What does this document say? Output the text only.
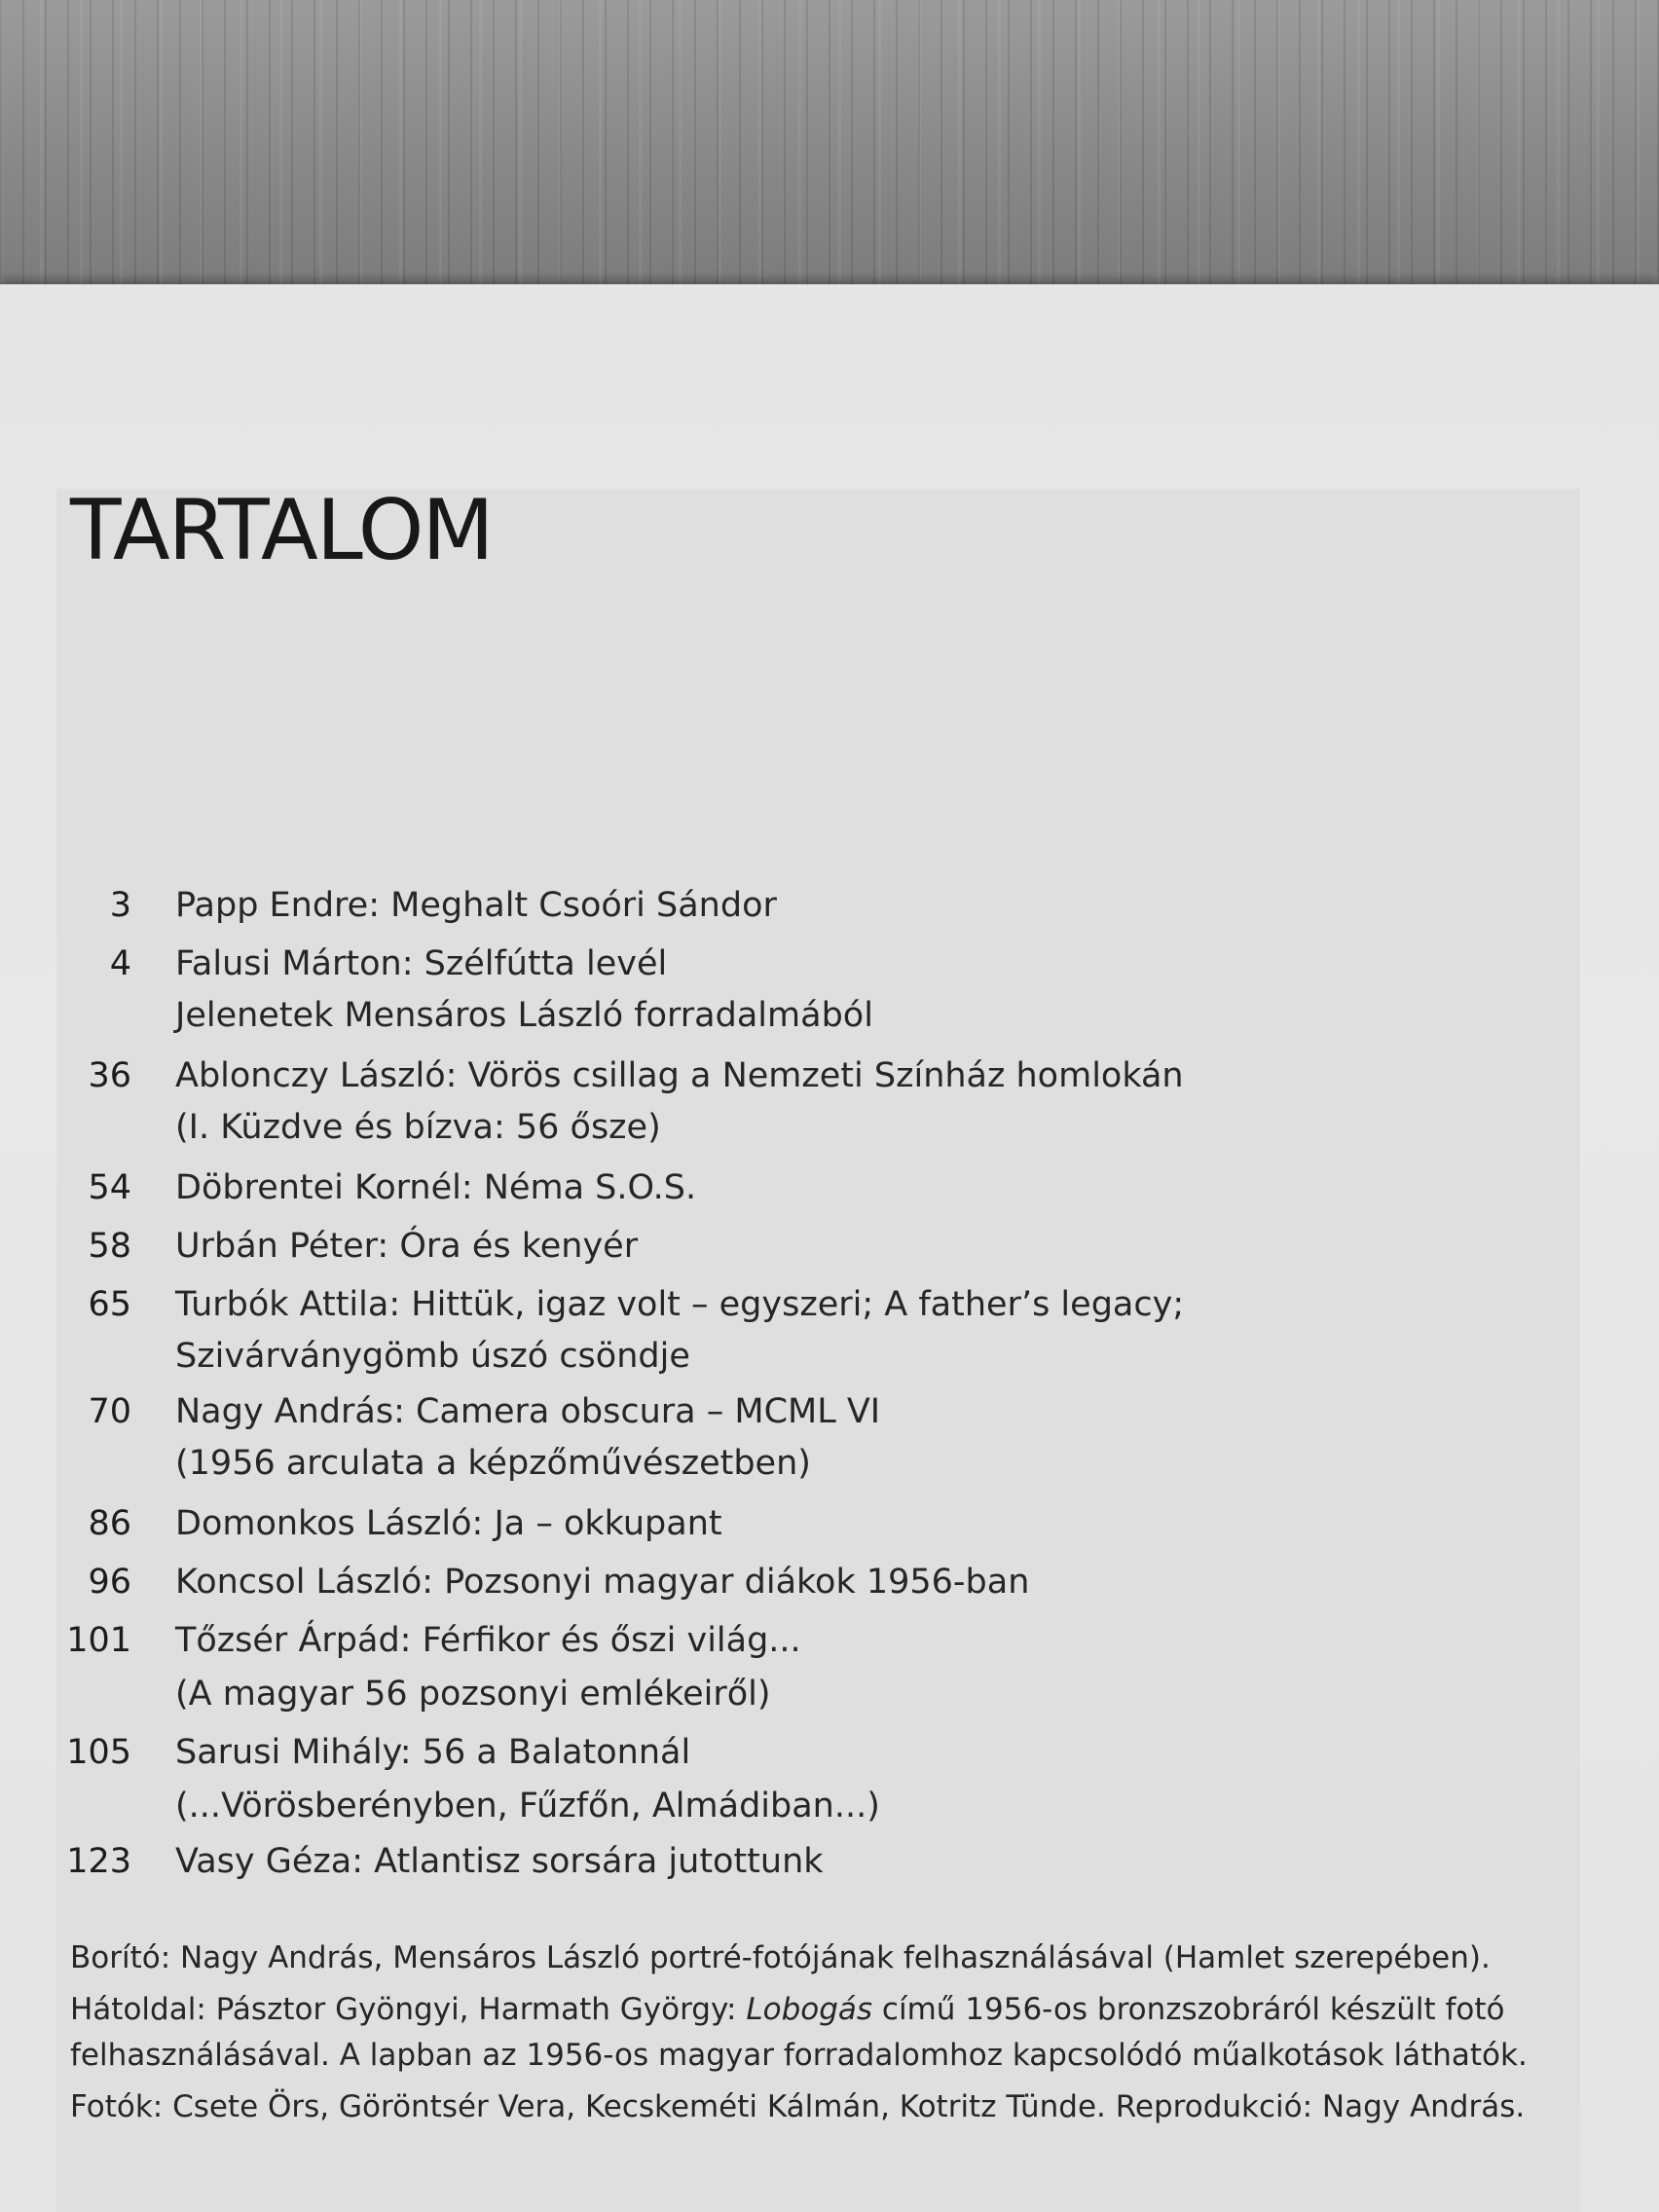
TARTALOM
3 Papp Endre: Meghalt Csoóri Sándor
4 Falusi Márton: Szélfútta levél
Jelenetek Mensáros László forradalmából
36 Ablonczy László: Vörös csillag a Nemzeti Színház homlokán
(I. Küzdve és bízva: 56 ősze)
54 Döbrentei Kornél: Néma S.O.S.
58 Urbán Péter: Óra és kenyér
65 Turbók Attila: Hittük, igaz volt – egyszeri; A father’s legacy;
Szivárványgömb úszó csöndje
70 Nagy András: Camera obscura – MCML VI
(1956 arculata a képzőművészetben)
86 Domonkos László: Ja – okkupant
96 Koncsol László: Pozsonyi magyar diákok 1956-ban
101 Tőzsér Árpád: Férfikor és őszi világ...
(A magyar 56 pozsonyi emlékeiről)
105 Sarusi Mihály: 56 a Balatonnál
(...Vörösberényben, Fűzfőn, Almádiban...)
123 Vasy Géza: Atlantisz sorsára jutottunk
Borító: Nagy András, Mensáros László portré-fotójának felhasználásával (Hamlet szerepében).
Hátoldal: Pásztor Gyöngyi, Harmath György: Lobogás című 1956-os bronzszobráról készült fotó
felhasználásával. A lapban az 1956-os magyar forradalomhoz kapcsolódó műalkotások láthatók.
Fotók: Csete Örs, Göröntsér Vera, Kecskeméti Kálmán, Kotritz Tünde. Reprodukció: Nagy András.
